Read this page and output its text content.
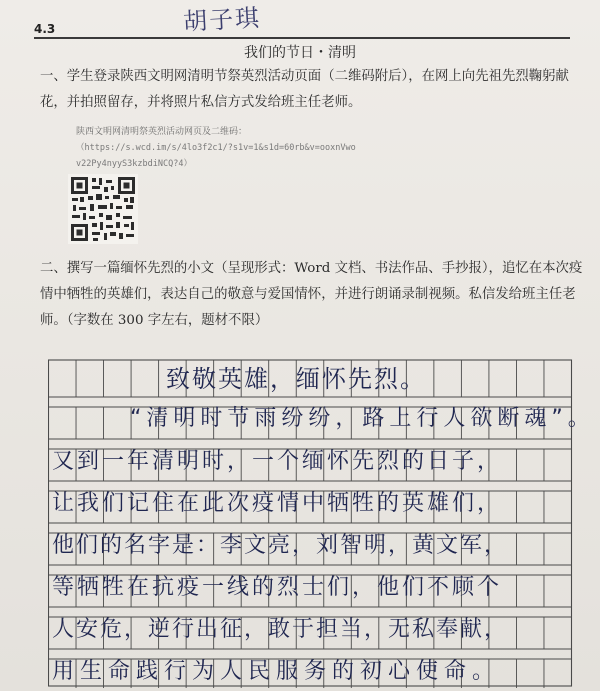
胡子琪
4.3
我们的节日・清明
一、学生登录陕西文明网清明节祭英烈活动页面（二维码附后），在网上向先祖先烈鞠躬献花，并拍照留存，并将照片私信方式发给班主任老师。
陕西文明网清明祭英烈活动网页及二维码：
（https://s.wcd.im/s/4lo3f2c1/?s1v=1&s1d=60rb&v=ooxnVwo
v22Py4nyyS3kzbdiNCQ?4）
二、撰写一篇缅怀先烈的小文（呈现形式：Word 文档、书法作品、手抄报），追忆在本次疫情中牺牲的英雄们，表达自己的敬意与爱国情怀，并进行朗诵录制视频。私信发给班主任老师。（字数在 300 字左右，题材不限）
致敬英雄，缅怀先烈。
“清明时节雨纷纷，路上行人欲断魂”。
又到一年清明时，一个缅怀先烈的日子，
让我们记住在此次疫情中牺牲的英雄们，
他们的名字是：李文亮，刘智明，黄文军，
等牺牲在抗疫一线的烈士们，他们不顾个
人安危，逆行出征，敢于担当，无私奉献，
用生命践行为人民服务的初心使命。
